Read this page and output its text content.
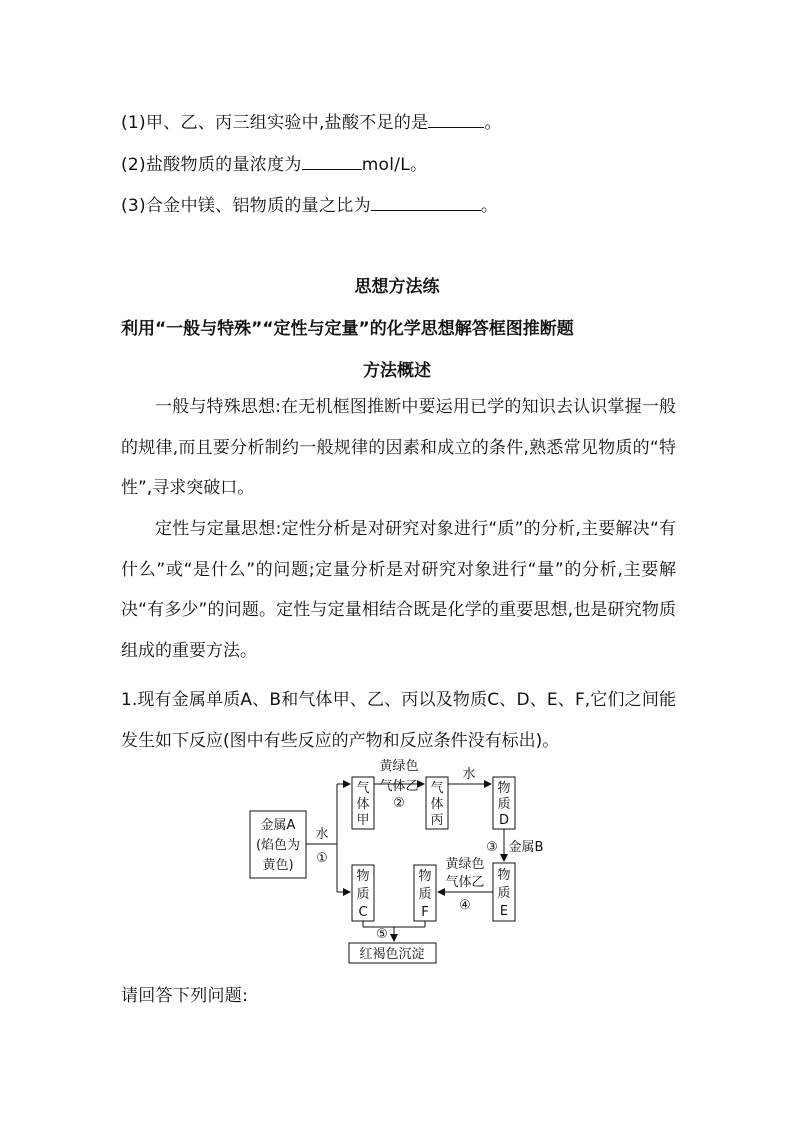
(1)甲、乙、丙三组实验中,盐酸不足的是	。
(2)盐酸物质的量浓度为	mol/L。
(3)合金中镁、铝物质的量之比为	。
思想方法练
利用“一般与特殊”“定性与定量”的化学思想解答框图推断题
方法概述
一般与特殊思想:在无机框图推断中要运用已学的知识去认识掌握一般的规律,而且要分析制约一般规律的因素和成立的条件,熟悉常见物质的“特性”,寻求突破口。
定性与定量思想:定性分析是对研究对象进行“质”的分析,主要解决“有什么”或“是什么”的问题;定量分析是对研究对象进行“量”的分析,主要解决“有多少”的问题。定性与定量相结合既是化学的重要思想,也是研究物质组成的重要方法。
1.现有金属单质A、B和气体甲、乙、丙以及物质C、D、E、F,它们之间能发生如下反应(图中有些反应的产物和反应条件没有标出)。
金属A
(焰色为
黄色)
水
①
气
体
甲
黄绿色
气体乙
②
气
体
丙
水
物
质
D
③ 金属B
物
质
E
黄绿色
气体乙
④
物
质
F
物
质
C
⑤
红褐色沉淀
请回答下列问题:
